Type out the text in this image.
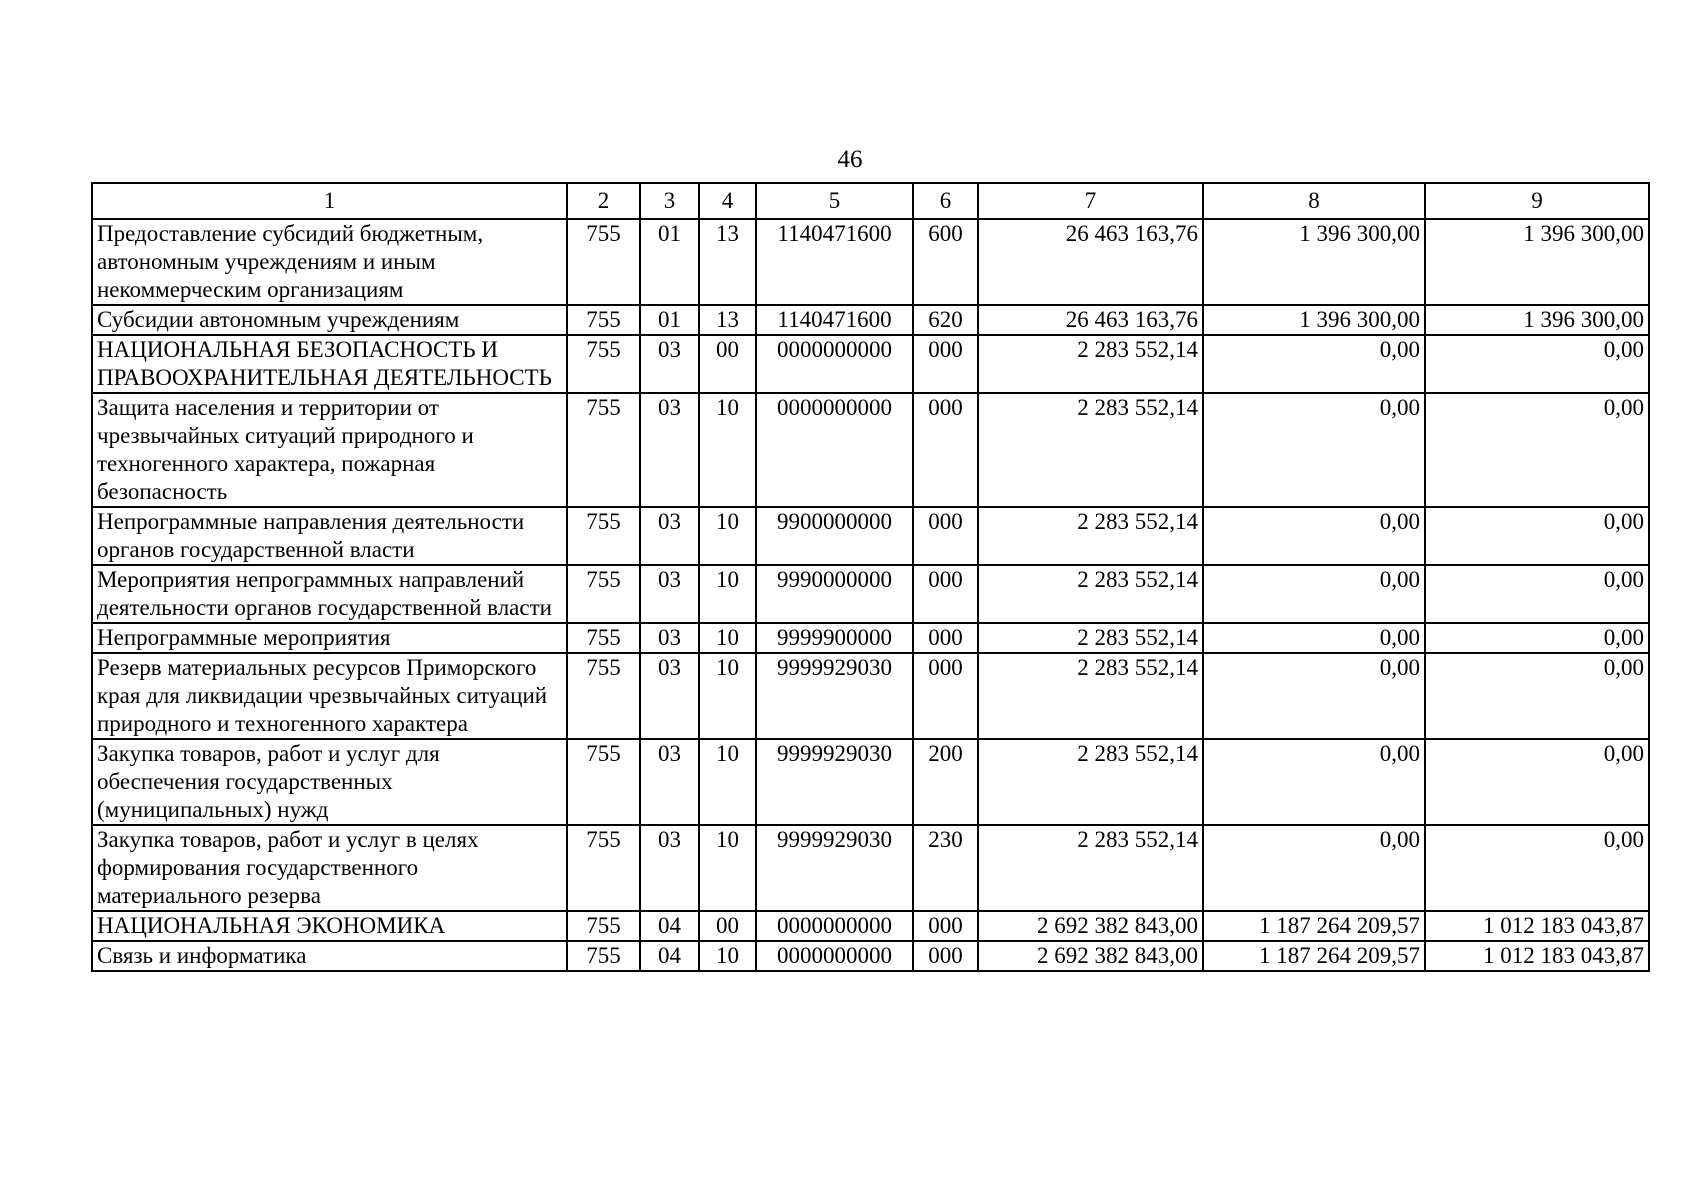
46
1	2	3	4	5	6	7	8	9
Предоставление субсидий бюджетным, автономным учреждениям и иным некоммерческим организациям	755	01	13	1140471600	600	26 463 163,76	1 396 300,00	1 396 300,00
Субсидии автономным учреждениям	755	01	13	1140471600	620	26 463 163,76	1 396 300,00	1 396 300,00
НАЦИОНАЛЬНАЯ БЕЗОПАСНОСТЬ И ПРАВООХРАНИТЕЛЬНАЯ ДЕЯТЕЛЬНОСТЬ	755	03	00	0000000000	000	2 283 552,14	0,00	0,00
Защита населения и территории от чрезвычайных ситуаций природного и техногенного характера, пожарная безопасность	755	03	10	0000000000	000	2 283 552,14	0,00	0,00
Непрограммные направления деятельности органов государственной власти	755	03	10	9900000000	000	2 283 552,14	0,00	0,00
Мероприятия непрограммных направлений деятельности органов государственной власти	755	03	10	9990000000	000	2 283 552,14	0,00	0,00
Непрограммные мероприятия	755	03	10	9999900000	000	2 283 552,14	0,00	0,00
Резерв материальных ресурсов Приморского края для ликвидации чрезвычайных ситуаций природного и техногенного характера	755	03	10	9999929030	000	2 283 552,14	0,00	0,00
Закупка товаров, работ и услуг для обеспечения государственных (муниципальных) нужд	755	03	10	9999929030	200	2 283 552,14	0,00	0,00
Закупка товаров, работ и услуг в целях формирования государственного материального резерва	755	03	10	9999929030	230	2 283 552,14	0,00	0,00
НАЦИОНАЛЬНАЯ ЭКОНОМИКА	755	04	00	0000000000	000	2 692 382 843,00	1 187 264 209,57	1 012 183 043,87
Связь и информатика	755	04	10	0000000000	000	2 692 382 843,00	1 187 264 209,57	1 012 183 043,87
